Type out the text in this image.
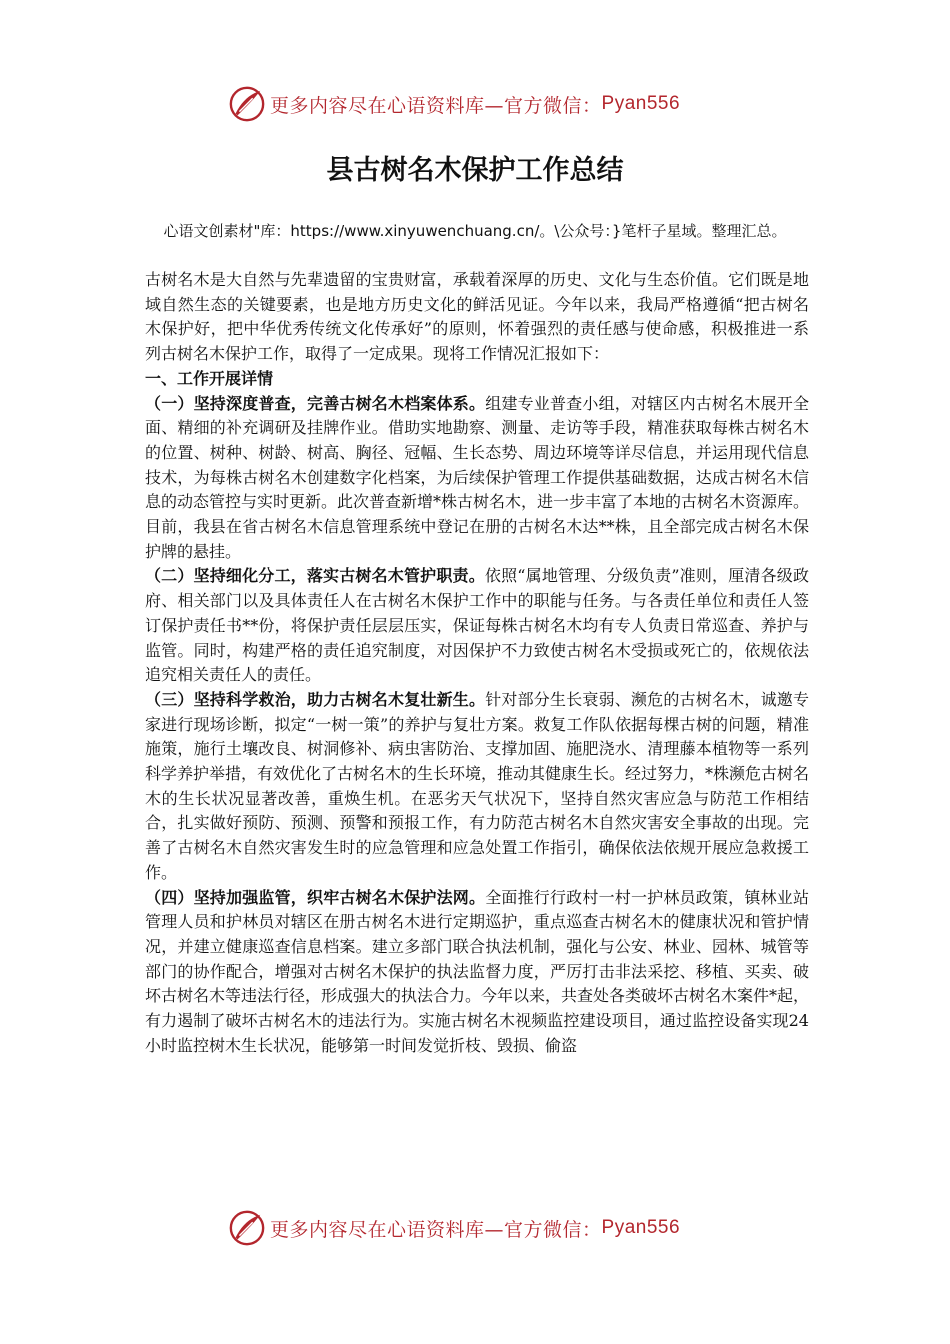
更多内容尽在心语资料库—官方微信： Pyan556
县古树名木保护工作总结
心语文创素材"库：https://www.xinyuwenchuang.cn/。\公众号：}笔杆子星域。整理汇总。

古树名木是大自然与先辈遗留的宝贵财富，承载着深厚的历史、文化与生态价值。它们既是地域自然生态的关键要素，也是地方历史文化的鲜活见证。今年以来，我局严格遵循“把古树名木保护好，把中华优秀传统文化传承好”的原则，怀着强烈的责任感与使命感，积极推进一系列古树名木保护工作，取得了一定成果。现将工作情况汇报如下：

一、工作开展详情

（一）坚持深度普查，完善古树名木档案体系。组建专业普查小组，对辖区内古树名木展开全面、精细的补充调研及挂牌作业。借助实地勘察、测量、走访等手段，精准获取每株古树名木的位置、树种、树龄、树高、胸径、冠幅、生长态势、周边环境等详尽信息，并运用现代信息技术，为每株古树名木创建数字化档案，为后续保护管理工作提供基础数据，达成古树名木信息的动态管控与实时更新。此次普查新增*株古树名木，进一步丰富了本地的古树名木资源库。目前，我县在省古树名木信息管理系统中登记在册的古树名木达**株，且全部完成古树名木保护牌的悬挂。

（二）坚持细化分工，落实古树名木管护职责。依照“属地管理、分级负责”准则，厘清各级政府、相关部门以及具体责任人在古树名木保护工作中的职能与任务。与各责任单位和责任人签订保护责任书**份，将保护责任层层压实，保证每株古树名木均有专人负责日常巡查、养护与监管。同时，构建严格的责任追究制度，对因保护不力致使古树名木受损或死亡的，依规依法追究相关责任人的责任。

（三）坚持科学救治，助力古树名木复壮新生。针对部分生长衰弱、濒危的古树名木，诚邀专家进行现场诊断，拟定“一树一策”的养护与复壮方案。救复工作队依据每棵古树的问题，精准施策，施行土壤改良、树洞修补、病虫害防治、支撑加固、施肥浇水、清理藤本植物等一系列科学养护举措，有效优化了古树名木的生长环境，推动其健康生长。经过努力，*株濒危古树名木的生长状况显著改善，重焕生机。在恶劣天气状况下，坚持自然灾害应急与防范工作相结合，扎实做好预防、预测、预警和预报工作，有力防范古树名木自然灾害安全事故的出现。完善了古树名木自然灾害发生时的应急管理和应急处置工作指引，确保依法依规开展应急救援工作。

（四）坚持加强监管，织牢古树名木保护法网。全面推行行政村一村一护林员政策，镇林业站管理人员和护林员对辖区在册古树名木进行定期巡护，重点巡查古树名木的健康状况和管护情况，并建立健康巡查信息档案。建立多部门联合执法机制，强化与公安、林业、园林、城管等部门的协作配合，增强对古树名木保护的执法监督力度，严厉打击非法采挖、移植、买卖、破坏古树名木等违法行径，形成强大的执法合力。今年以来，共查处各类破坏古树名木案件*起，有力遏制了破坏古树名木的违法行为。实施古树名木视频监控建设项目，通过监控设备实现24小时监控树木生长状况，能够第一时间发觉折枝、毁损、偷盗

更多内容尽在心语资料库—官方微信： Pyan556
